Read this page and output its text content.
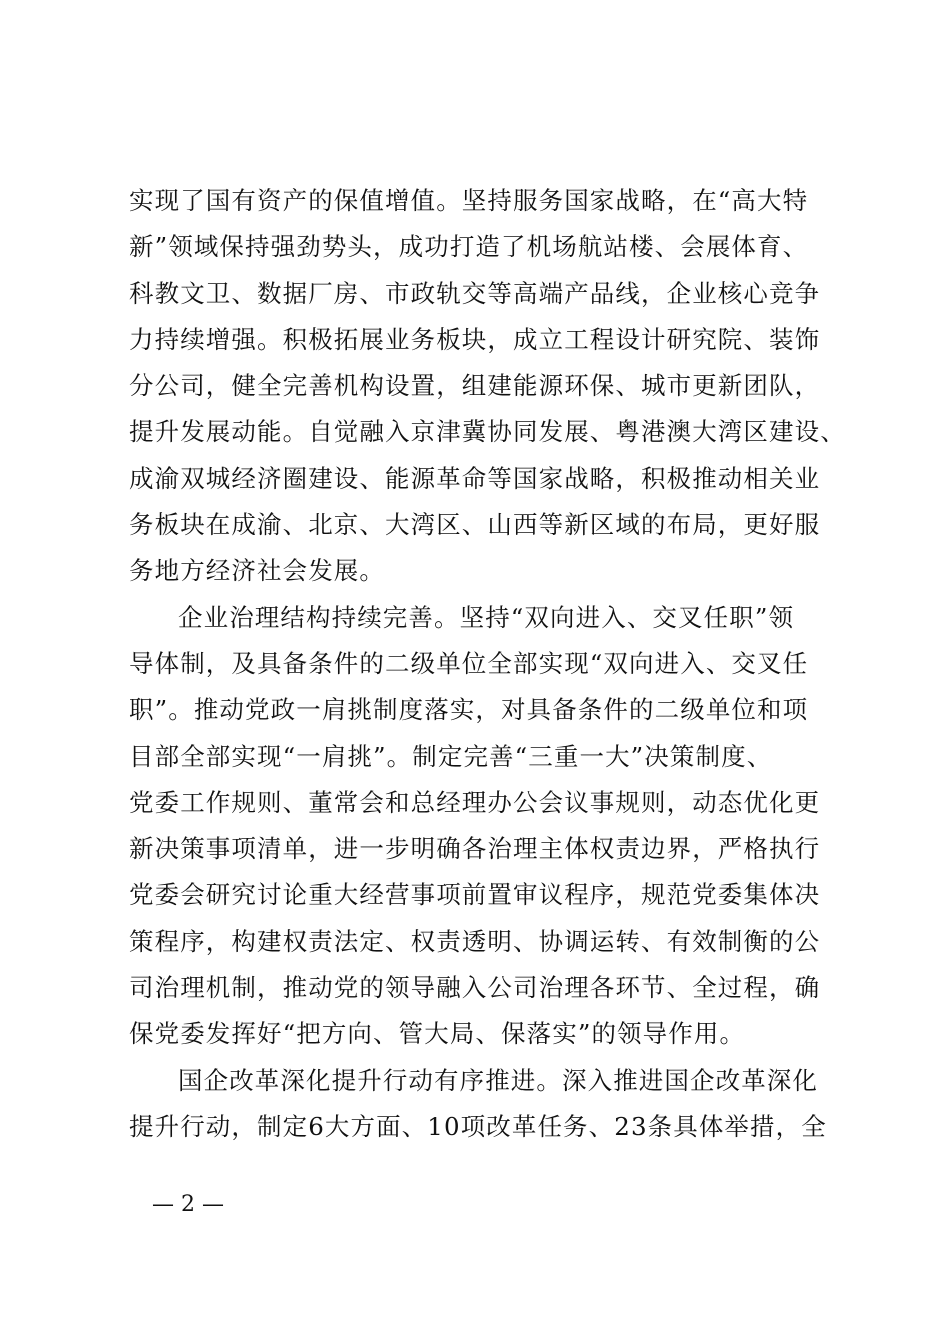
实现了国有资产的保值增值。坚持服务国家战略，在“高大特
新”领域保持强劲势头，成功打造了机场航站楼、会展体育、
科教文卫、数据厂房、市政轨交等高端产品线，企业核心竞争
力持续增强。积极拓展业务板块，成立工程设计研究院、装饰
分公司，健全完善机构设置，组建能源环保、城市更新团队，
提升发展动能。自觉融入京津冀协同发展、粤港澳大湾区建设、
成渝双城经济圈建设、能源革命等国家战略，积极推动相关业
务板块在成渝、北京、大湾区、山西等新区域的布局，更好服
务地方经济社会发展。
企业治理结构持续完善。坚持“双向进入、交叉任职”领
导体制，及具备条件的二级单位全部实现“双向进入、交叉任
职”。推动党政一肩挑制度落实，对具备条件的二级单位和项
目部全部实现“一肩挑”。制定完善“三重一大”决策制度、
党委工作规则、董常会和总经理办公会议事规则，动态优化更
新决策事项清单，进一步明确各治理主体权责边界，严格执行
党委会研究讨论重大经营事项前置审议程序，规范党委集体决
策程序，构建权责法定、权责透明、协调运转、有效制衡的公
司治理机制，推动党的领导融入公司治理各环节、全过程，确
保党委发挥好“把方向、管大局、保落实”的领导作用。
国企改革深化提升行动有序推进。深入推进国企改革深化
提升行动，制定6大方面、10项改革任务、23条具体举措，全
— 2 —
